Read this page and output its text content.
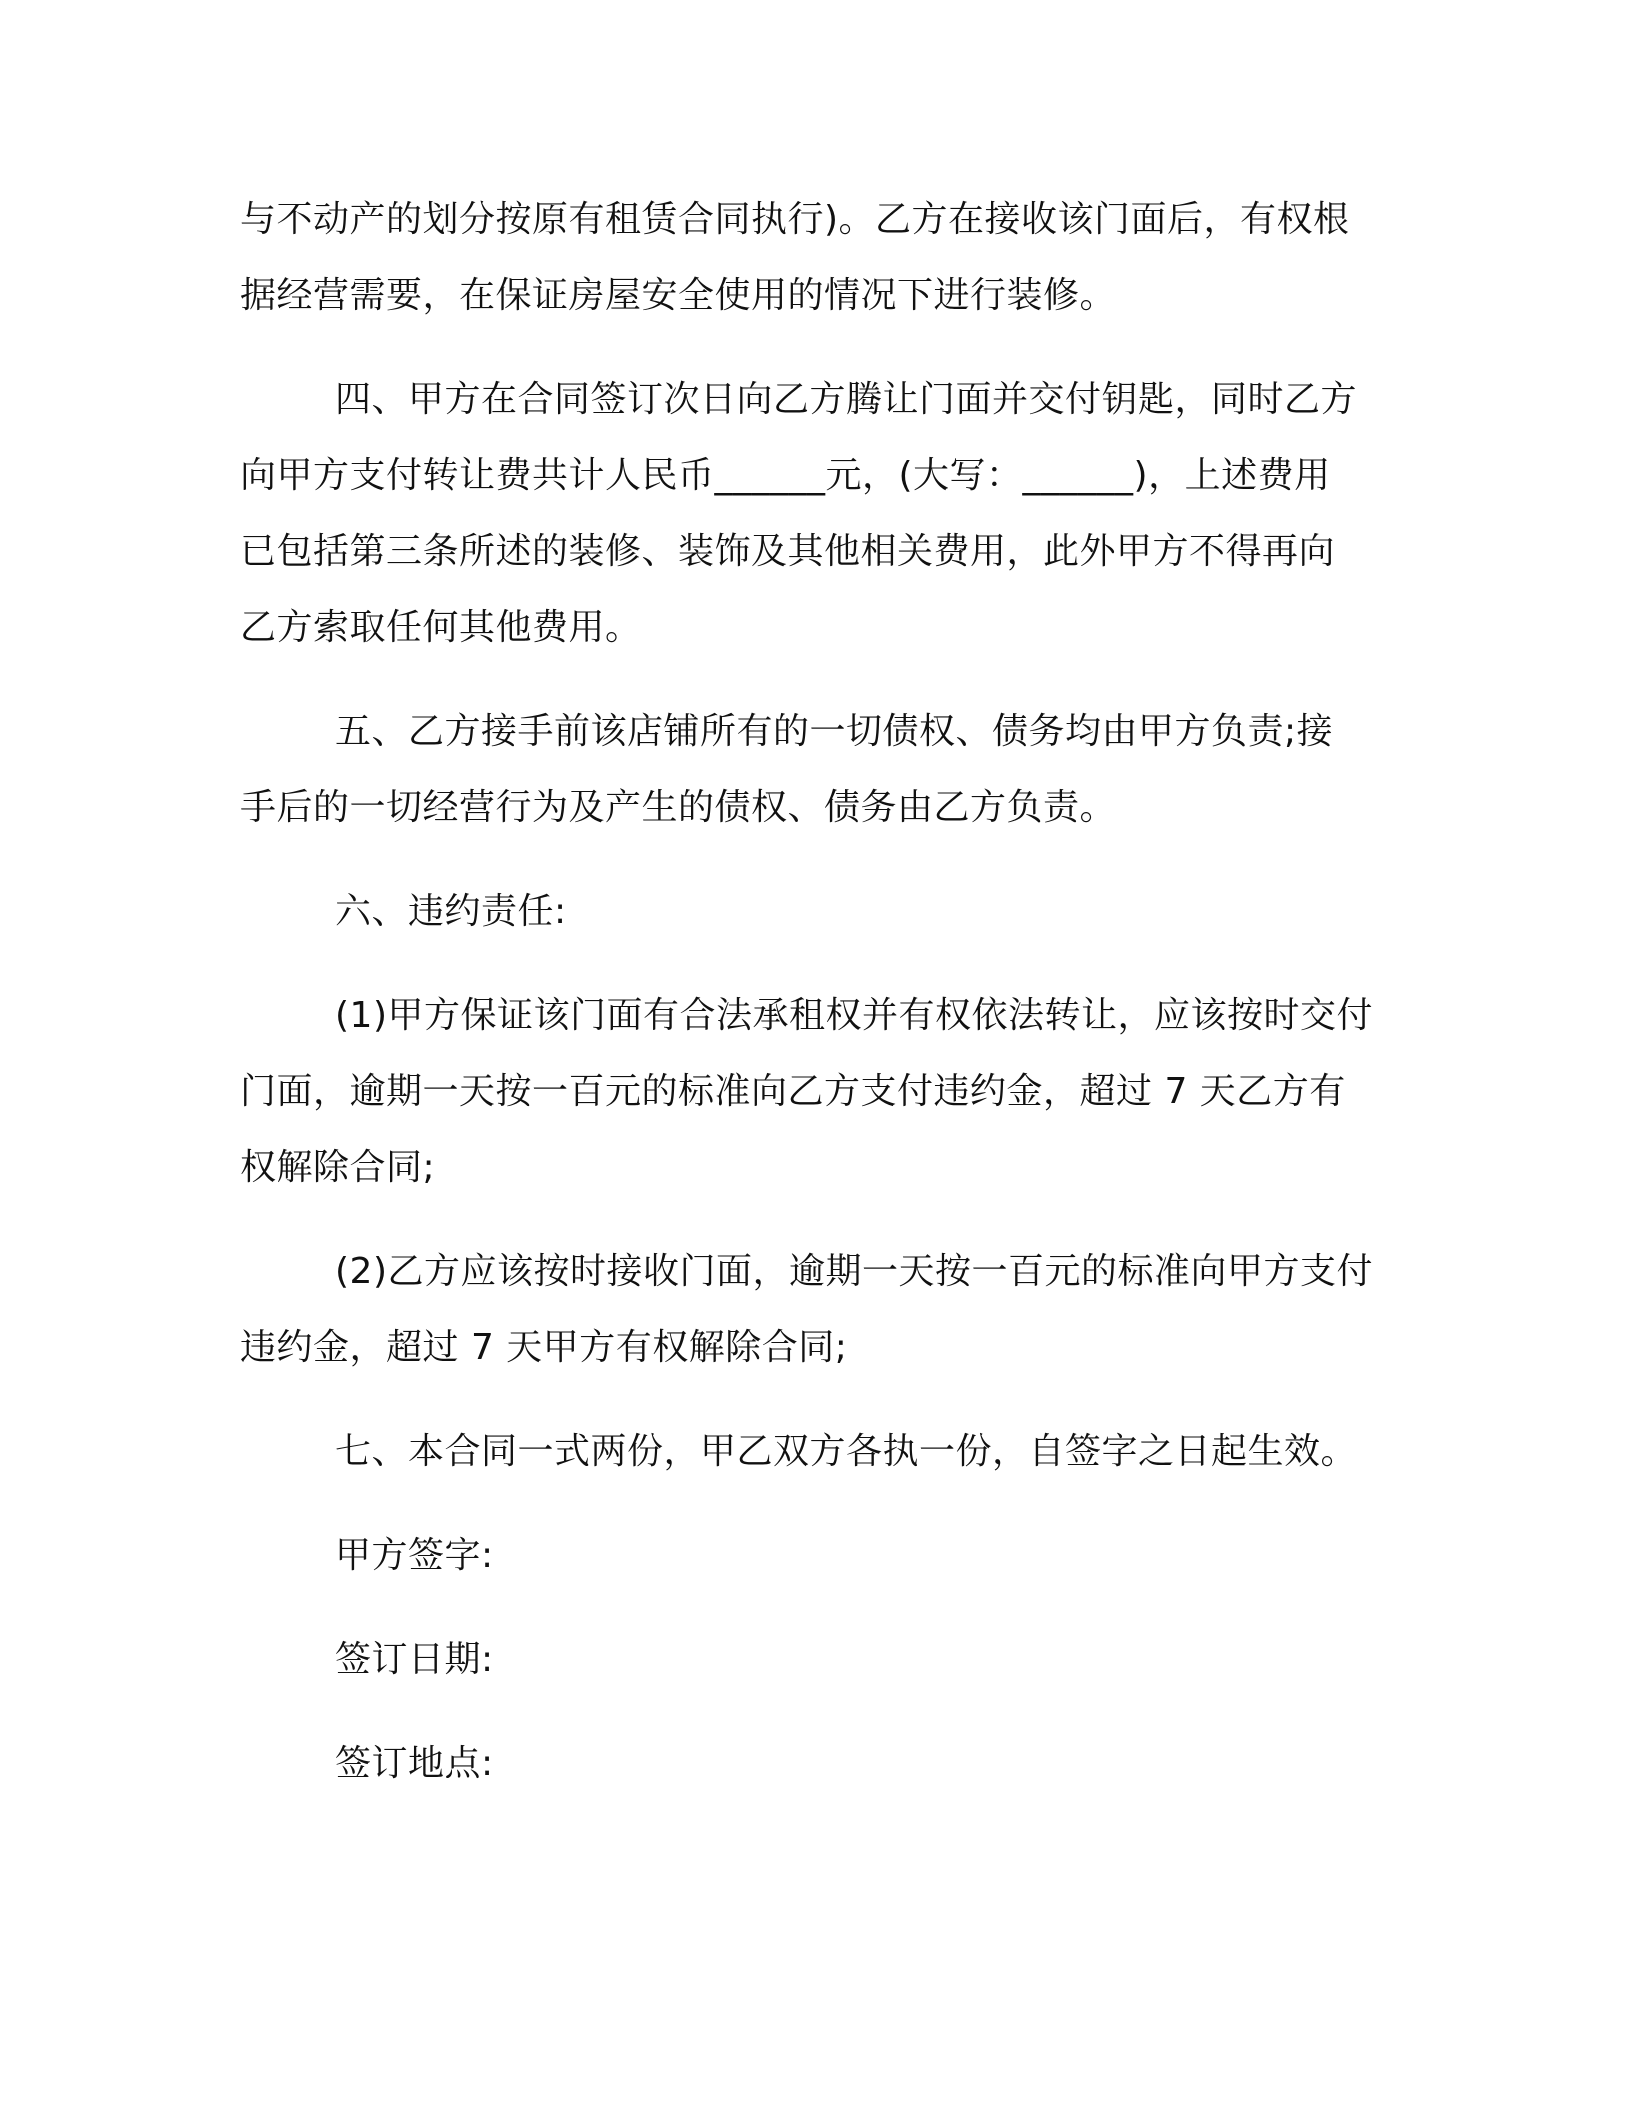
与不动产的划分按原有租赁合同执行)。乙方在接收该门面后，有权根
据经营需要，在保证房屋安全使用的情况下进行装修。
四、甲方在合同签订次日向乙方腾让门面并交付钥匙，同时乙方
向甲方支付转让费共计人民币______元，(大写：______)，上述费用
已包括第三条所述的装修、装饰及其他相关费用，此外甲方不得再向
乙方索取任何其他费用。
五、乙方接手前该店铺所有的一切债权、债务均由甲方负责;接
手后的一切经营行为及产生的债权、债务由乙方负责。
六、违约责任:
(1)甲方保证该门面有合法承租权并有权依法转让，应该按时交付
门面，逾期一天按一百元的标准向乙方支付违约金，超过 7 天乙方有
权解除合同;
(2)乙方应该按时接收门面，逾期一天按一百元的标准向甲方支付
违约金，超过 7 天甲方有权解除合同;
七、本合同一式两份，甲乙双方各执一份，自签字之日起生效。
甲方签字:
签订日期:
签订地点:
